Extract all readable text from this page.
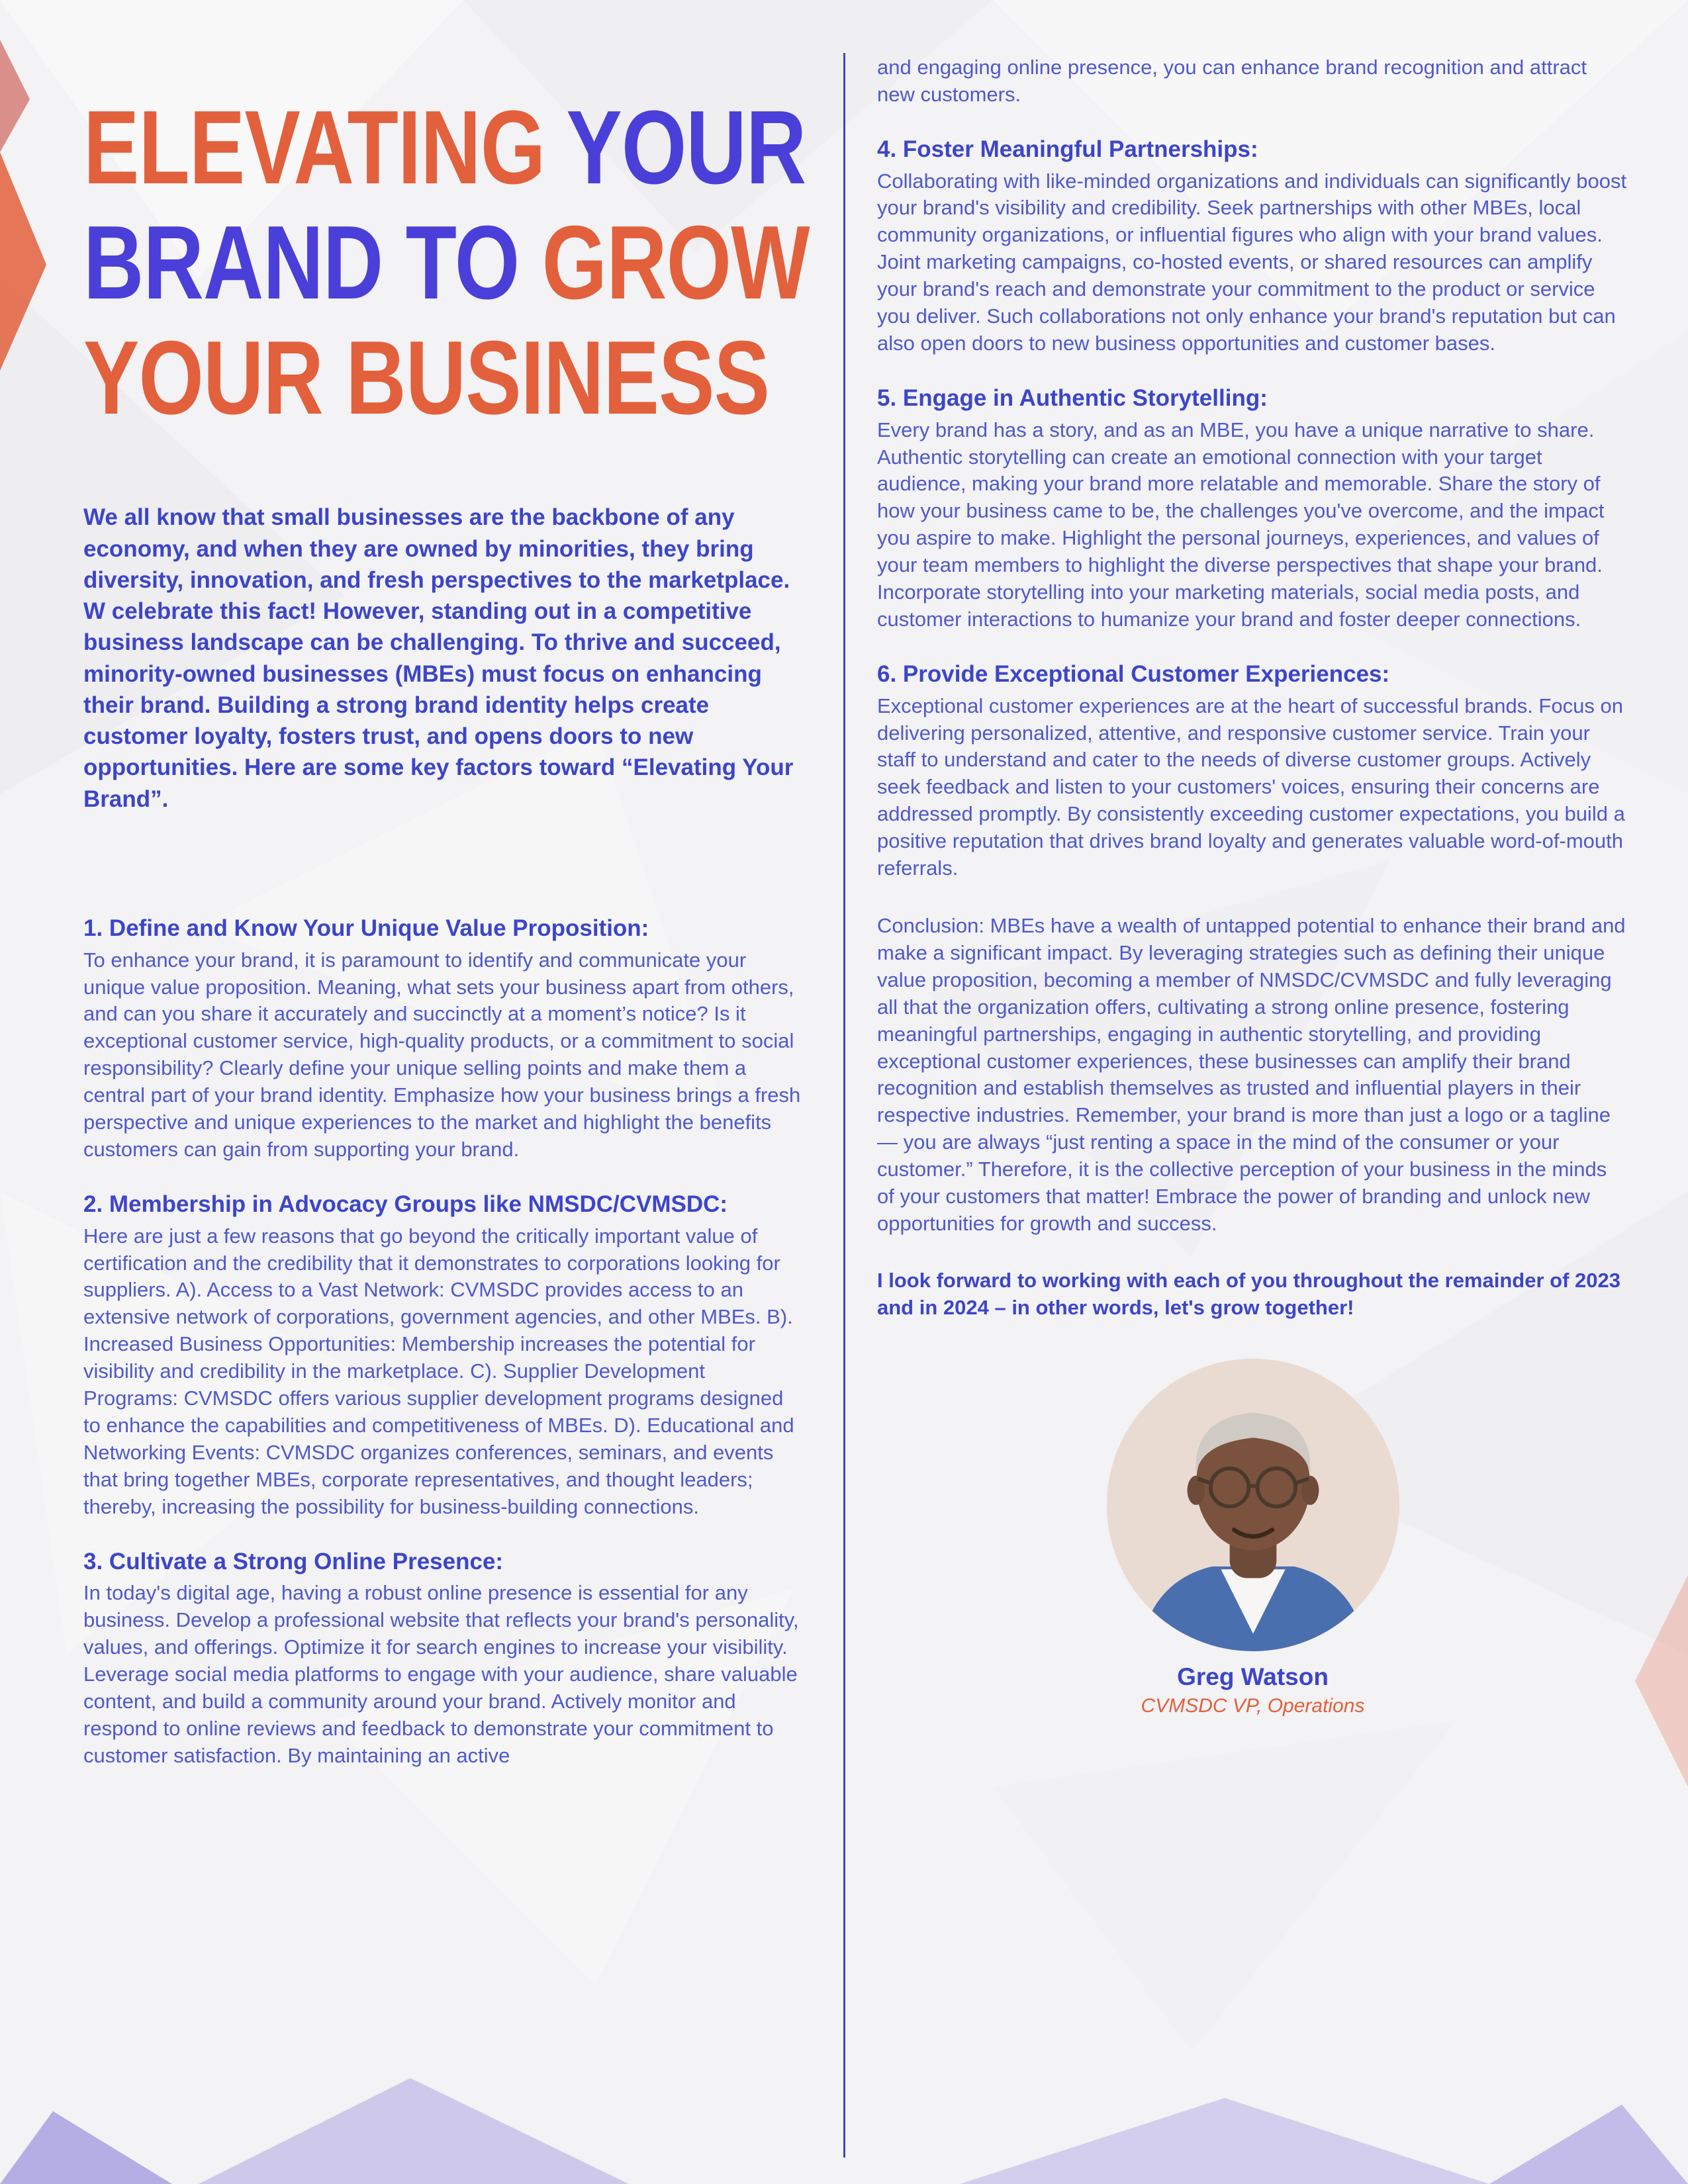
ELEVATING YOUR
BRAND TO GROW
YOUR BUSINESS

We all know that small businesses are the backbone of any economy, and when they are owned by minorities, they bring diversity, innovation, and fresh perspectives to the marketplace. W celebrate this fact! However, standing out in a competitive business landscape can be challenging. To thrive and succeed, minority-owned businesses (MBEs) must focus on enhancing their brand. Building a strong brand identity helps create customer loyalty, fosters trust, and opens doors to new opportunities. Here are some key factors toward “Elevating Your Brand”.

1. Define and Know Your Unique Value Proposition:

To enhance your brand, it is paramount to identify and communicate your unique value proposition. Meaning, what sets your business apart from others, and can you share it accurately and succinctly at a moment’s notice? Is it exceptional customer service, high-quality products, or a commitment to social responsibility? Clearly define your unique selling points and make them a central part of your brand identity. Emphasize how your business brings a fresh perspective and unique experiences to the market and highlight the benefits customers can gain from supporting your brand.

2. Membership in Advocacy Groups like NMSDC/CVMSDC:

Here are just a few reasons that go beyond the critically important value of certification and the credibility that it demonstrates to corporations looking for suppliers. A). Access to a Vast Network: CVMSDC provides access to an extensive network of corporations, government agencies, and other MBEs. B). Increased Business Opportunities: Membership increases the potential for visibility and credibility in the marketplace. C). Supplier Development Programs: CVMSDC offers various supplier development programs designed to enhance the capabilities and competitiveness of MBEs. D). Educational and Networking Events: CVMSDC organizes conferences, seminars, and events that bring together MBEs, corporate representatives, and thought leaders; thereby, increasing the possibility for business-building connections.

3. Cultivate a Strong Online Presence:

In today's digital age, having a robust online presence is essential for any business. Develop a professional website that reflects your brand's personality, values, and offerings. Optimize it for search engines to increase your visibility. Leverage social media platforms to engage with your audience, share valuable content, and build a community around your brand. Actively monitor and respond to online reviews and feedback to demonstrate your commitment to customer satisfaction. By maintaining an active

and engaging online presence, you can enhance brand recognition and attract new customers.

4. Foster Meaningful Partnerships:

Collaborating with like-minded organizations and individuals can significantly boost your brand's visibility and credibility. Seek partnerships with other MBEs, local community organizations, or influential figures who align with your brand values. Joint marketing campaigns, co-hosted events, or shared resources can amplify your brand's reach and demonstrate your commitment to the product or service you deliver. Such collaborations not only enhance your brand's reputation but can also open doors to new business opportunities and customer bases.

5. Engage in Authentic Storytelling:

Every brand has a story, and as an MBE, you have a unique narrative to share. Authentic storytelling can create an emotional connection with your target audience, making your brand more relatable and memorable. Share the story of how your business came to be, the challenges you've overcome, and the impact you aspire to make. Highlight the personal journeys, experiences, and values of your team members to highlight the diverse perspectives that shape your brand. Incorporate storytelling into your marketing materials, social media posts, and customer interactions to humanize your brand and foster deeper connections.

6. Provide Exceptional Customer Experiences:

Exceptional customer experiences are at the heart of successful brands. Focus on delivering personalized, attentive, and responsive customer service. Train your staff to understand and cater to the needs of diverse customer groups. Actively seek feedback and listen to your customers' voices, ensuring their concerns are addressed promptly. By consistently exceeding customer expectations, you build a positive reputation that drives brand loyalty and generates valuable word-of-mouth referrals.

Conclusion: MBEs have a wealth of untapped potential to enhance their brand and make a significant impact. By leveraging strategies such as defining their unique value proposition, becoming a member of NMSDC/CVMSDC and fully leveraging all that the organization offers, cultivating a strong online presence, fostering meaningful partnerships, engaging in authentic storytelling, and providing exceptional customer experiences, these businesses can amplify their brand recognition and establish themselves as trusted and influential players in their respective industries. Remember, your brand is more than just a logo or a tagline— you are always “just renting a space in the mind of the consumer or your customer.” Therefore, it is the collective perception of your business in the minds of your customers that matter! Embrace the power of branding and unlock new opportunities for growth and success.

I look forward to working with each of you throughout the remainder of 2023 and in 2024 – in other words, let's grow together!

Greg Watson
CVMSDC VP, Operations
